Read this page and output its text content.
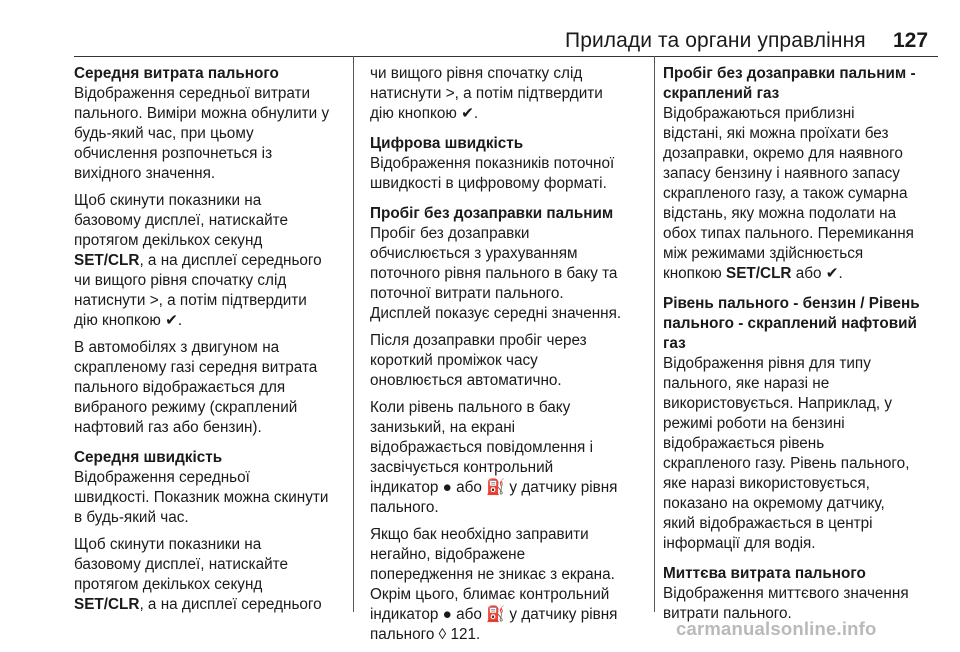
Прилади та органи управління 127
Середня витрата пального

Відображення середньої витрати
пального. Виміри можна обнулити у
будь-який час, при цьому
обчислення розпочнеться із
вихідного значення.

Щоб скинути показники на
базовому дисплеї, натискайте
протягом декількох секунд
SET/CLR, а на дисплеї середнього
чи вищого рівня спочатку слід
натиснути >, а потім підтвердити
дію кнопкою ✔.

В автомобілях з двигуном на
скрапленому газі середня витрата
пального відображається для
вибраного режиму (скраплений
нафтовий газ або бензин).

Середня швидкість

Відображення середньої
швидкості. Показник можна скинути
в будь-який час.

Щоб скинути показники на
базовому дисплеї, натискайте
протягом декількох секунд
SET/CLR, а на дисплеї середнього

чи вищого рівня спочатку слід
натиснути >, а потім підтвердити
дію кнопкою ✔.

Цифрова швидкість

Відображення показників поточної
швидкості в цифровому форматі.

Пробіг без дозаправки пальним

Пробіг без дозаправки
обчислюється з урахуванням
поточного рівня пального в баку та
поточної витрати пального.
Дисплей показує середні значення.

Після дозаправки пробіг через
короткий проміжок часу
оновлюється автоматично.

Коли рівень пального в баку
занизький, на екрані
відображається повідомлення і
засвічується контрольний
індикатор ● або ⛽ у датчику рівня
пального.

Якщо бак необхідно заправити
негайно, відображене
попередження не зникає з екрана.
Окрім цього, блимає контрольний
індикатор ● або ⛽ у датчику рівня
пального ◊ 121.

Пробіг без дозаправки пальним -
скраплений газ

Відображаються приблизні
відстані, які можна проїхати без
дозаправки, окремо для наявного
запасу бензину і наявного запасу
скрапленого газу, а також сумарна
відстань, яку можна подолати на
обох типах пального. Перемикання
між режимами здійснюється
кнопкою SET/CLR або ✔.

Рівень пального - бензин / Рівень
пального - скраплений нафтовий
газ

Відображення рівня для типу
пального, яке наразі не
використовується. Наприклад, у
режимі роботи на бензині
відображається рівень
скрапленого газу. Рівень пального,
яке наразі використовується,
показано на окремому датчику,
який відображається в центрі
інформації для водія.

Миттєва витрата пального

Відображення миттєвого значення
витрати пального.

carmanualsonline.info
